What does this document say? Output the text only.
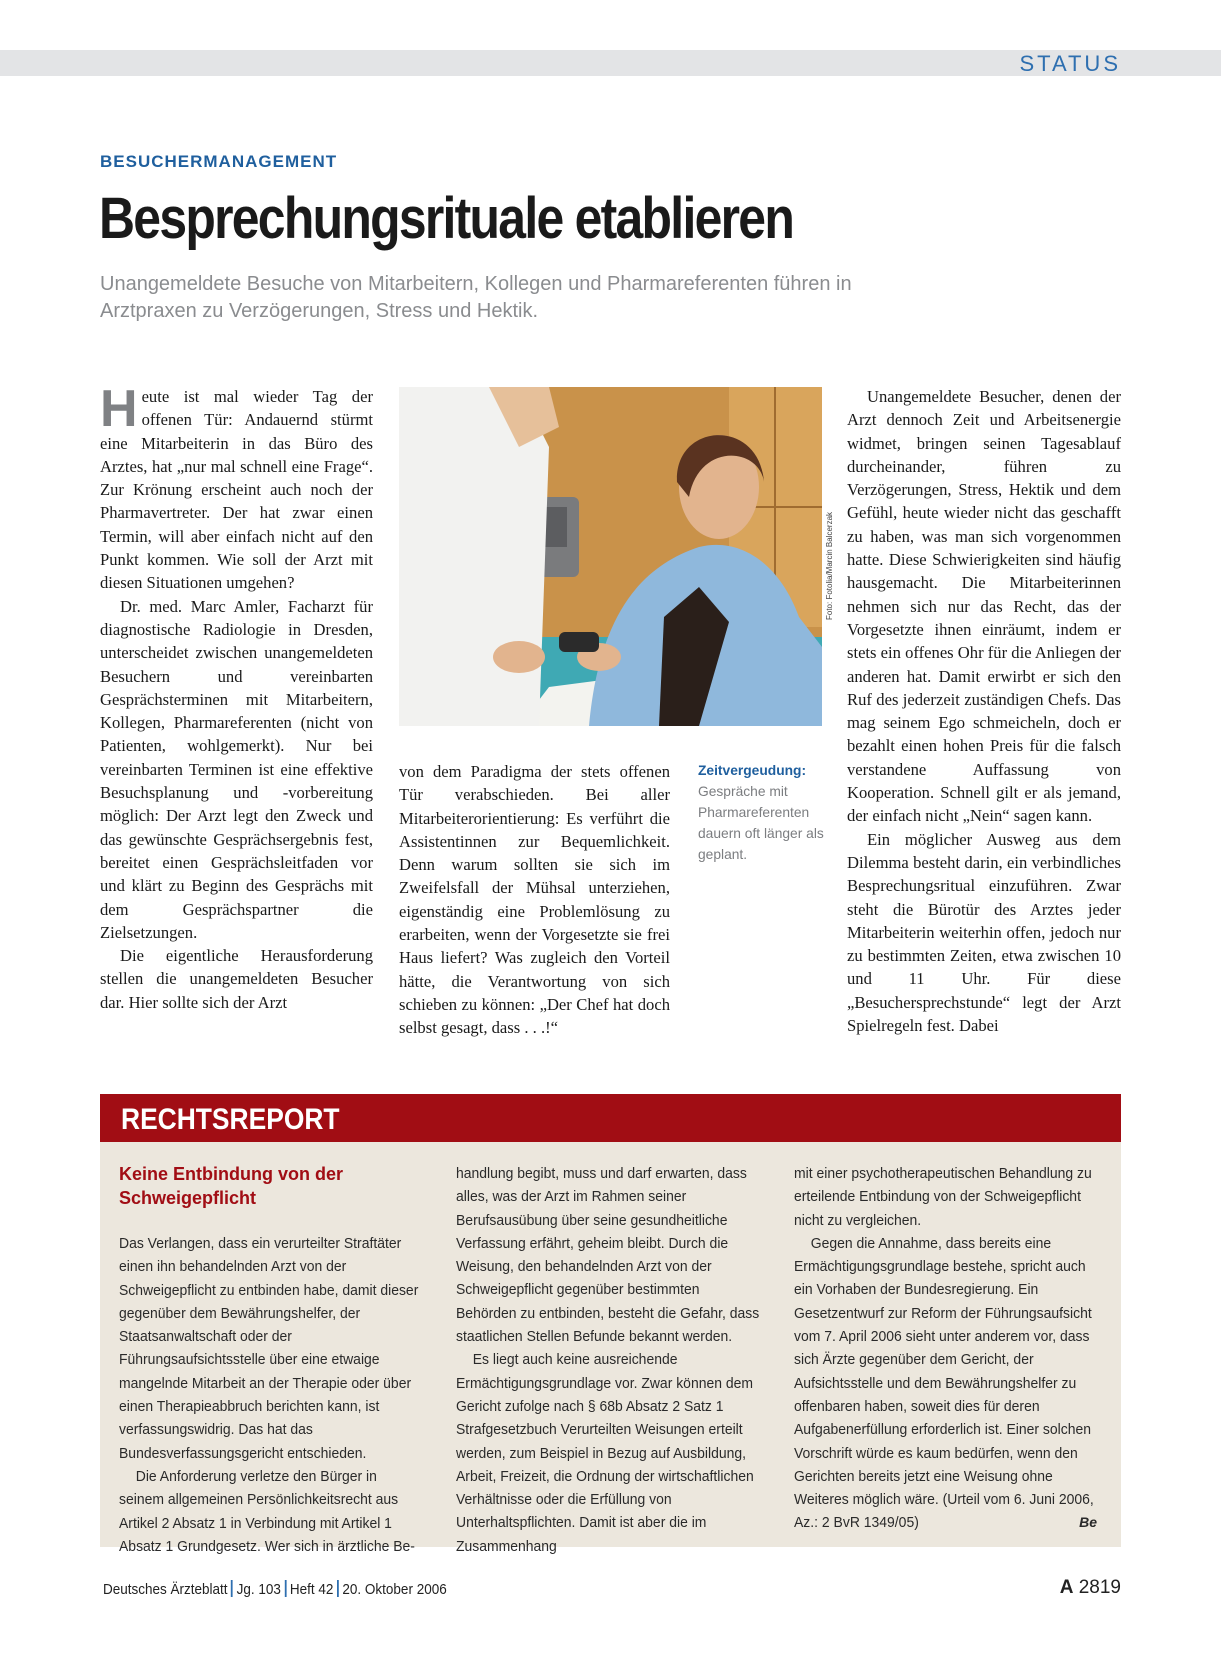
STATUS
BESUCHERMANAGEMENT
Besprechungsrituale etablieren
Unangemeldete Besuche von Mitarbeitern, Kollegen und Pharmareferenten führen in Arztpraxen zu Verzögerungen, Stress und Hektik.

Heute ist mal wieder Tag der offenen Tür: Andauernd stürmt eine Mitarbeiterin in das Büro des Arztes, hat „nur mal schnell eine Frage“. Zur Krönung erscheint auch noch der Pharmavertreter. Der hat zwar einen Termin, will aber einfach nicht auf den Punkt kommen. Wie soll der Arzt mit diesen Situationen umgehen?

Dr. med. Marc Amler, Facharzt für diagnostische Radiologie in Dresden, unterscheidet zwischen unangemeldeten Besuchern und vereinbarten Gesprächsterminen mit Mitarbeitern, Kollegen, Pharmareferenten (nicht von Patienten, wohlgemerkt). Nur bei vereinbarten Terminen ist eine effektive Besuchsplanung und -vorbereitung möglich: Der Arzt legt den Zweck und das gewünschte Gesprächsergebnis fest, bereitet einen Gesprächsleitfaden vor und klärt zu Beginn des Gesprächs mit dem Gesprächspartner die Zielsetzungen.

Die eigentliche Herausforderung stellen die unangemeldeten Besucher dar. Hier sollte sich der Arzt

Foto: Fotolia/Marcin Balcerzak
Zeitvergeudung:
Gespräche mit Pharmareferenten dauern oft länger als geplant.

von dem Paradigma der stets offenen Tür verabschieden. Bei aller Mitarbeiterorientierung: Es verführt die Assistentinnen zur Bequemlichkeit. Denn warum sollten sie sich im Zweifelsfall der Mühsal unterziehen, eigenständig eine Problemlösung zu erarbeiten, wenn der Vorgesetzte sie frei Haus liefert? Was zugleich den Vorteil hätte, die Verantwortung von sich schieben zu können: „Der Chef hat doch selbst gesagt, dass . . .!“

Unangemeldete Besucher, denen der Arzt dennoch Zeit und Arbeitsenergie widmet, bringen seinen Tagesablauf durcheinander, führen zu Verzögerungen, Stress, Hektik und dem Gefühl, heute wieder nicht das geschafft zu haben, was man sich vorgenommen hatte. Diese Schwierigkeiten sind häufig hausgemacht. Die Mitarbeiterinnen nehmen sich nur das Recht, das der Vorgesetzte ihnen einräumt, indem er stets ein offenes Ohr für die Anliegen der anderen hat. Damit erwirbt er sich den Ruf des jederzeit zuständigen Chefs. Das mag seinem Ego schmeicheln, doch er bezahlt einen hohen Preis für die falsch verstandene Auffassung von Kooperation. Schnell gilt er als jemand, der einfach nicht „Nein“ sagen kann.

Ein möglicher Ausweg aus dem Dilemma besteht darin, ein verbindliches Besprechungsritual einzuführen. Zwar steht die Bürotür des Arztes jeder Mitarbeiterin weiterhin offen, jedoch nur zu bestimmten Zeiten, etwa zwischen 10 und 11 Uhr. Für diese „Besuchersprechstunde“ legt der Arzt Spielregeln fest. Dabei

RECHTSREPORT
Keine Entbindung von der Schweigepflicht

Das Verlangen, dass ein verurteilter Straftäter einen ihn behandelnden Arzt von der Schweigepflicht zu entbinden habe, damit dieser gegenüber dem Bewährungshelfer, der Staatsanwaltschaft oder der Führungsaufsichtsstelle über eine etwaige mangelnde Mitarbeit an der Therapie oder über einen Therapieabbruch berichten kann, ist verfassungswidrig. Das hat das Bundesverfassungsgericht entschieden.

Die Anforderung verletze den Bürger in seinem allgemeinen Persönlichkeitsrecht aus Artikel 2 Absatz 1 in Verbindung mit Artikel 1 Absatz 1 Grundgesetz. Wer sich in ärztliche Be-

handlung begibt, muss und darf erwarten, dass alles, was der Arzt im Rahmen seiner Berufsausübung über seine gesundheitliche Verfassung erfährt, geheim bleibt. Durch die Weisung, den behandelnden Arzt von der Schweigepflicht gegenüber bestimmten Behörden zu entbinden, besteht die Gefahr, dass staatlichen Stellen Befunde bekannt werden.

Es liegt auch keine ausreichende Ermächtigungsgrundlage vor. Zwar können dem Gericht zufolge nach § 68b Absatz 2 Satz 1 Strafgesetzbuch Verurteilten Weisungen erteilt werden, zum Beispiel in Bezug auf Ausbildung, Arbeit, Freizeit, die Ordnung der wirtschaftlichen Verhältnisse oder die Erfüllung von Unterhaltspflichten. Damit ist aber die im Zusammenhang

mit einer psychotherapeutischen Behandlung zu erteilende Entbindung von der Schweigepflicht nicht zu vergleichen.

Gegen die Annahme, dass bereits eine Ermächtigungsgrundlage bestehe, spricht auch ein Vorhaben der Bundesregierung. Ein Gesetzentwurf zur Reform der Führungsaufsicht vom 7. April 2006 sieht unter anderem vor, dass sich Ärzte gegenüber dem Gericht, der Aufsichtsstelle und dem Bewährungshelfer zu offenbaren haben, soweit dies für deren Aufgabenerfüllung erforderlich ist. Einer solchen Vorschrift würde es kaum bedürfen, wenn den Gerichten bereits jetzt eine Weisung ohne Weiteres möglich wäre. (Urteil vom 6. Juni 2006, Az.: 2 BvR 1349/05)	Be
Deutsches Ärzteblatt Jg. 103 Heft 42 20. Oktober 2006	A 2819
